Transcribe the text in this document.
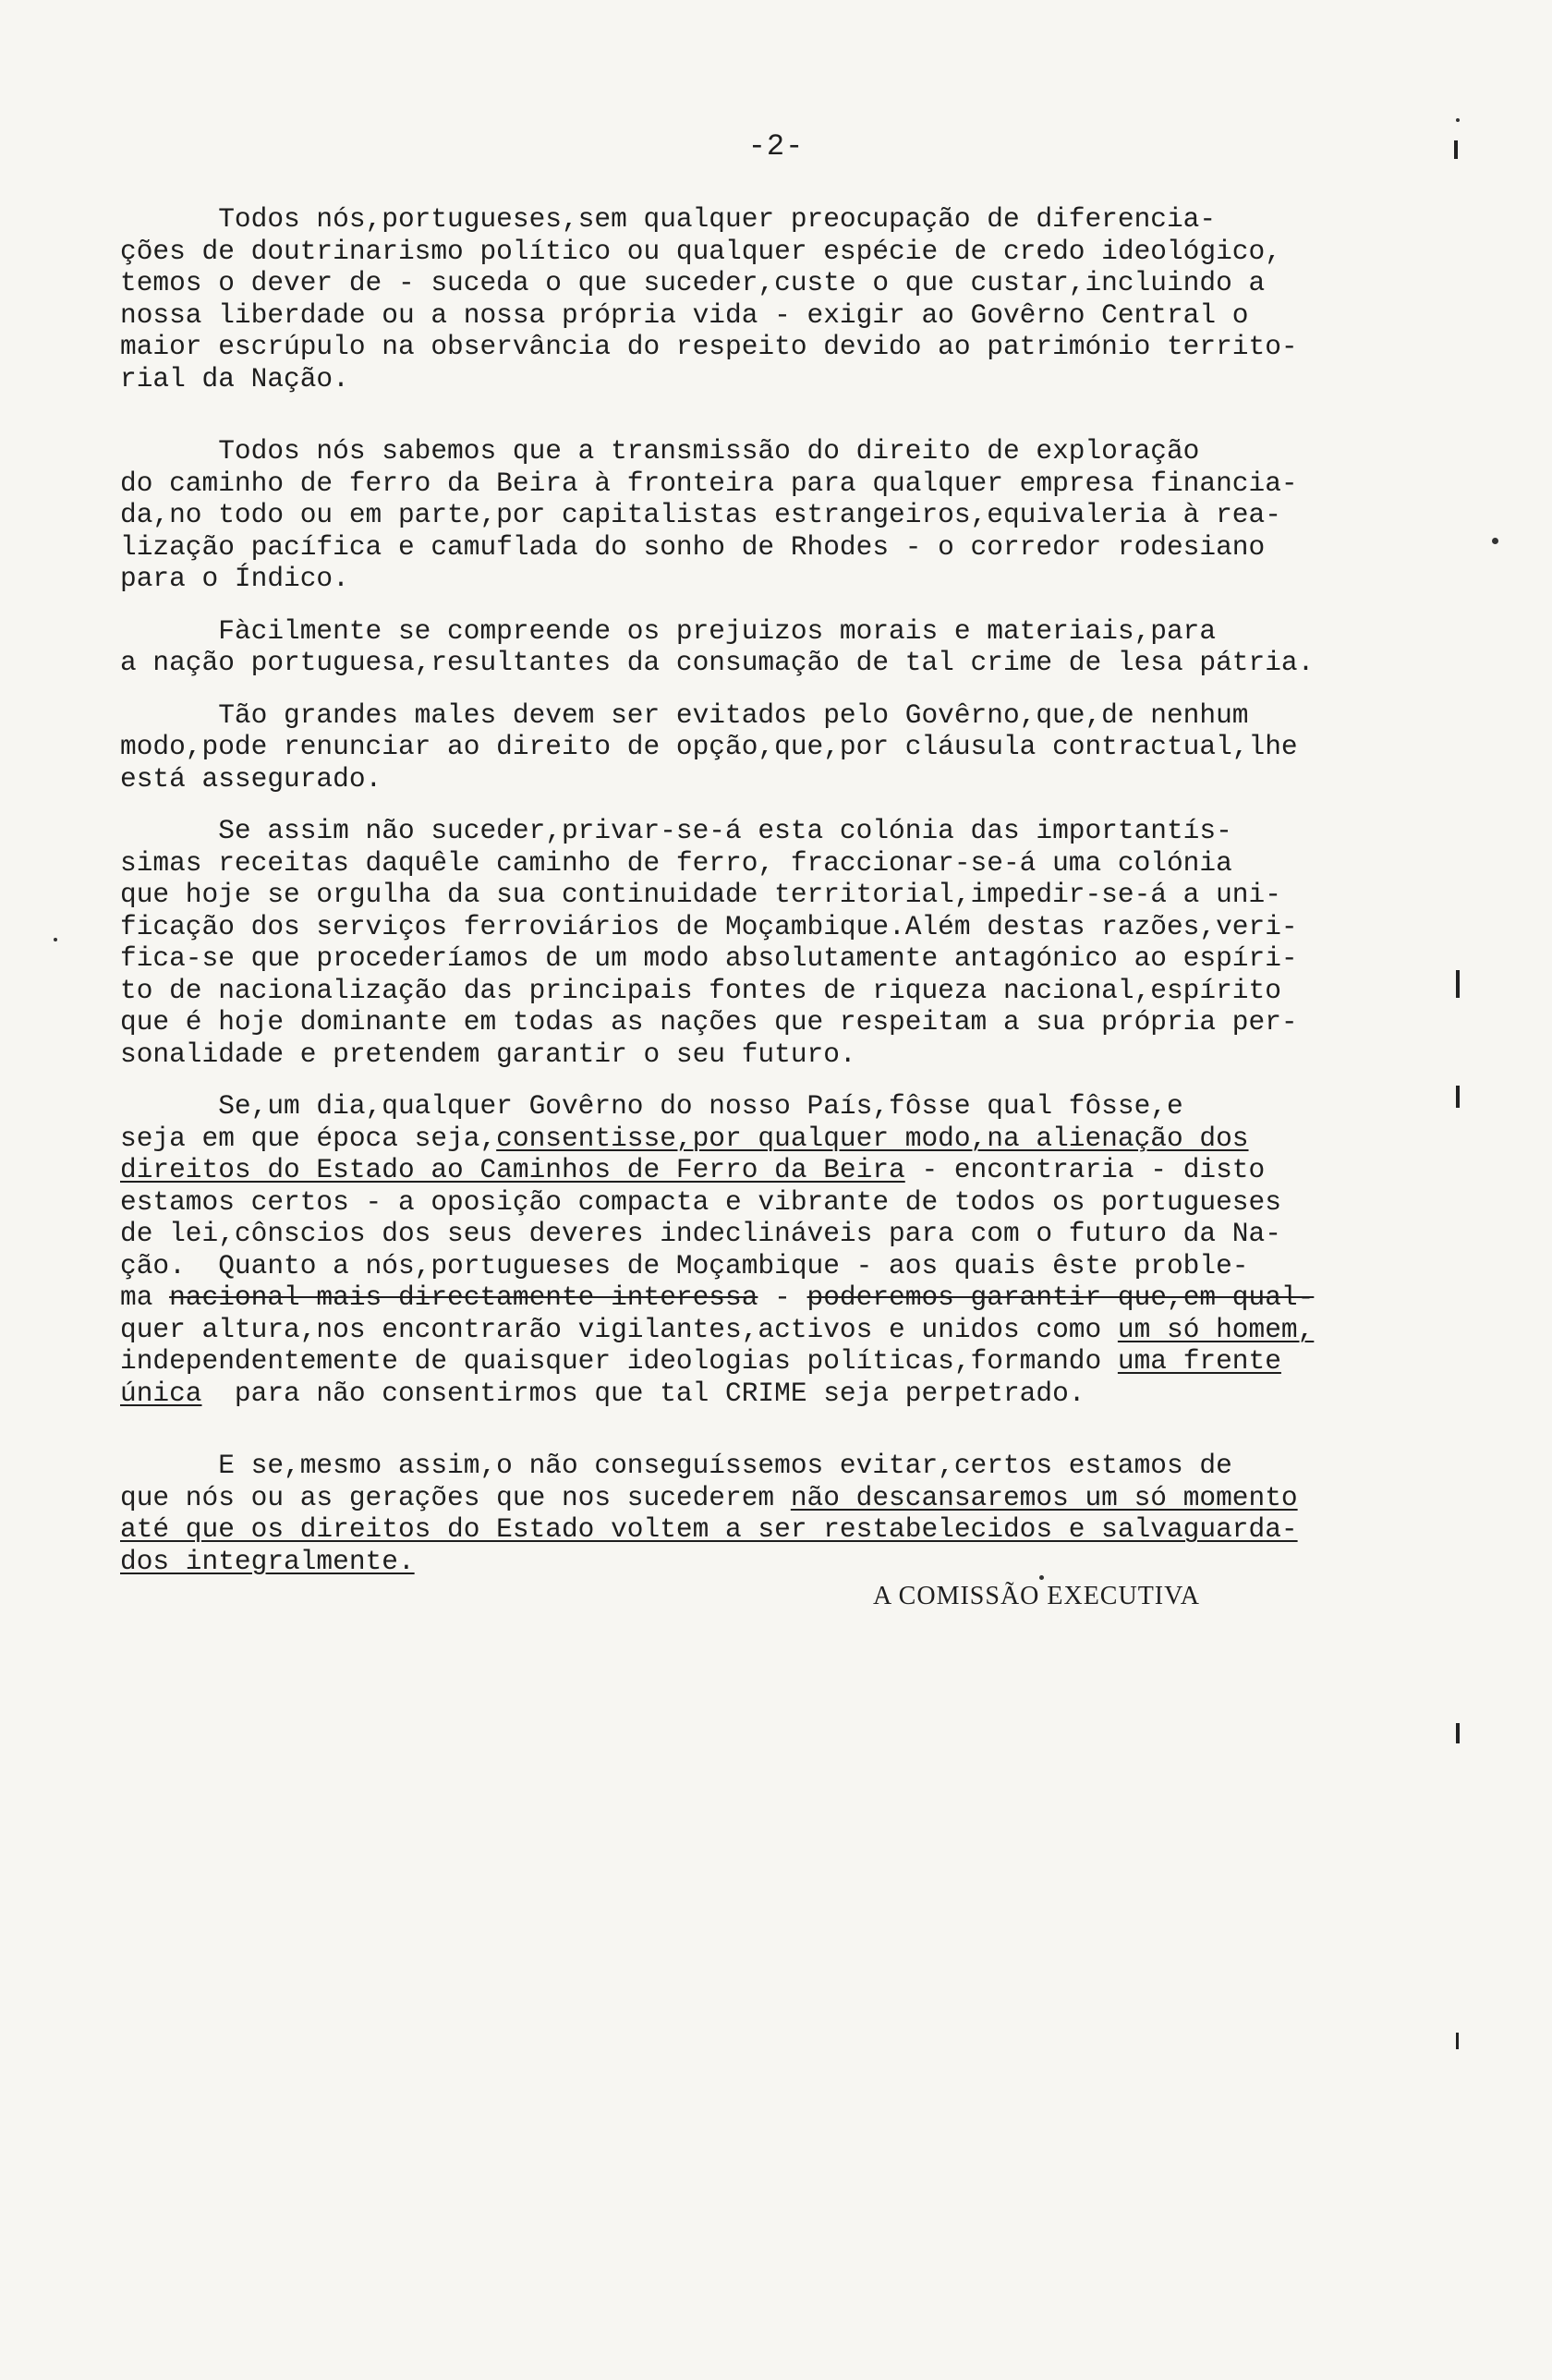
-2-
Todos nós,portugueses,sem qualquer preocupação de diferencia-
ções de doutrinarismo político ou qualquer espécie de credo ideológico,
temos o dever de - suceda o que suceder,custe o que custar,incluindo a
nossa liberdade ou a nossa própria vida - exigir ao Govêrno Central o
maior escrúpulo na observância do respeito devido ao património territo-
rial da Nação.
Todos nós sabemos que a transmissão do direito de exploração
do caminho de ferro da Beira à fronteira para qualquer empresa financia-
da,no todo ou em parte,por capitalistas estrangeiros,equivaleria à rea-
lização pacífica e camuflada do sonho de Rhodes - o corredor rodesiano
para o Índico.
Fàcilmente se compreende os prejuizos morais e materiais,para
a nação portuguesa,resultantes da consumação de tal crime de lesa pátria.
Tão grandes males devem ser evitados pelo Govêrno,que,de nenhum
modo,pode renunciar ao direito de opção,que,por cláusula contractual,lhe
está assegurado.
Se assim não suceder,privar-se-á esta colónia das importantís-
simas receitas daquêle caminho de ferro, fraccionar-se-á uma colónia
que hoje se orgulha da sua continuidade territorial,impedir-se-á a uni-
ficação dos serviços ferroviários de Moçambique.Além destas razões,veri-
fica-se que procederíamos de um modo absolutamente antagónico ao espíri-
to de nacionalização das principais fontes de riqueza nacional,espírito
que é hoje dominante em todas as nações que respeitam a sua própria per-
sonalidade e pretendem garantir o seu futuro.
Se,um dia,qualquer Govêrno do nosso País,fôsse qual fôsse,e
seja em que época seja,consentisse,por qualquer modo,na alienação dos
direitos do Estado ao Caminhos de Ferro da Beira - encontraria - disto
estamos certos - a oposição compacta e vibrante de todos os portugueses
de lei,cônscios dos seus deveres indeclináveis para com o futuro da Na-
ção.  Quanto a nós,portugueses de Moçambique - aos quais êste proble-
ma nacional mais directamente interessa - poderemos garantir que,em qual-
quer altura,nos encontrarão vigilantes,activos e unidos como um só homem,
independentemente de quaisquer ideologias políticas,formando uma frente
única  para não consentirmos que tal CRIME seja perpetrado.
E se,mesmo assim,o não conseguíssemos evitar,certos estamos de
que nós ou as gerações que nos sucederem não descansaremos um só momento
até que os direitos do Estado voltem a ser restabelecidos e salvaguarda-
dos integralmente.
A COMISSÃO EXECUTIVA
